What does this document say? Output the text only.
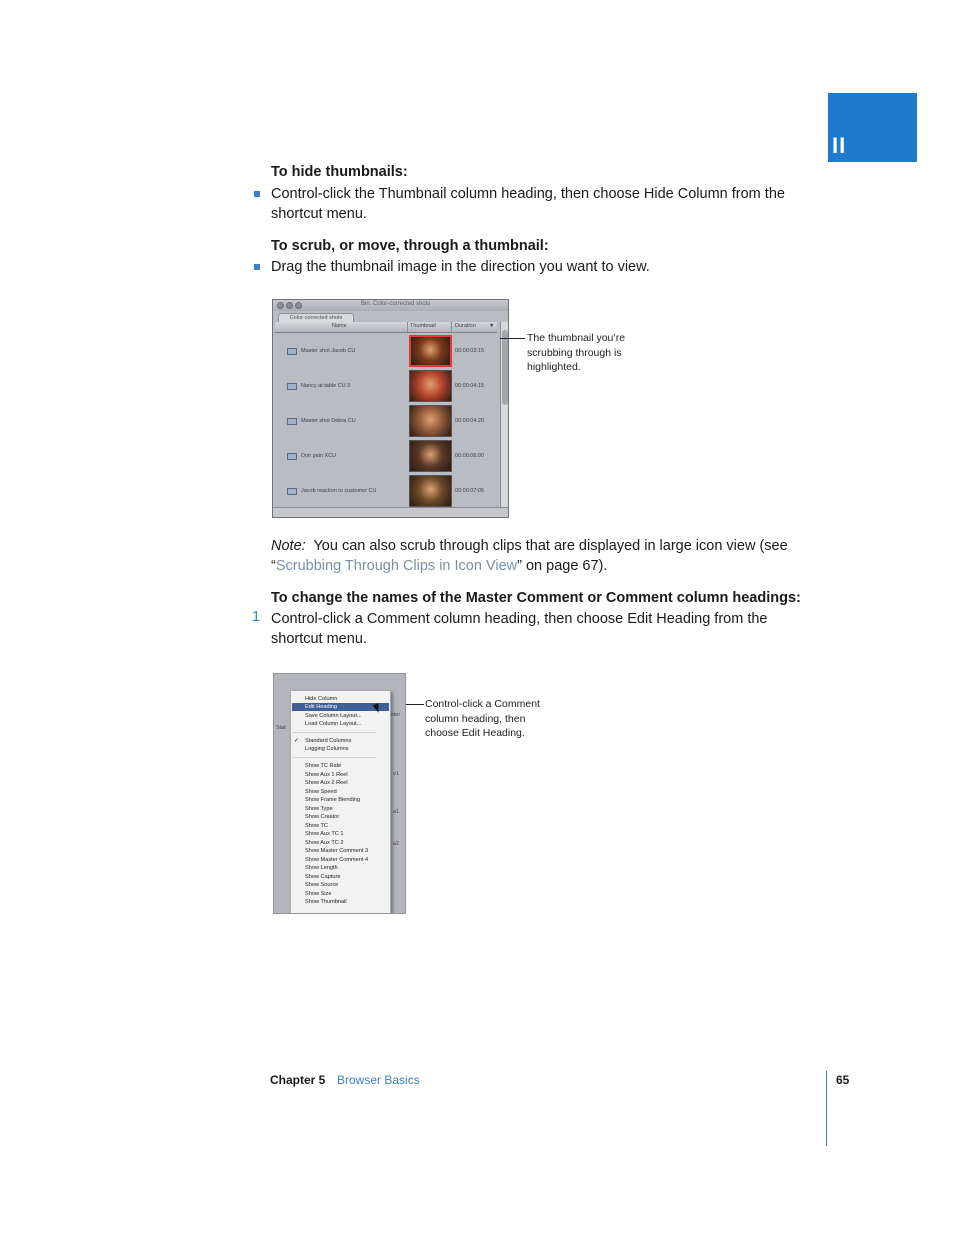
II
To hide thumbnails:
Control-click the Thumbnail column heading, then choose Hide Column from the
shortcut menu.
To scrub, or move, through a thumbnail:
Drag the thumbnail image in the direction you want to view.
Bin: Color-corrected shots
Color-corrected shots
Name	Thumbnail	Duration ▼
Master shot Jacob CU	00:00:03:15
Nancy at table CU 3	00:00:04:15
Master shot Debra CU	00:00:04:20
Don pain XCU	00:00:06:00
Jacob reaction to customer CU	00:00:07:05
The thumbnail you’re
scrubbing through is
highlighted.
Note: You can also scrub through clips that are displayed in large icon view (see
“Scrubbing Through Clips in Icon View” on page 67).
To change the names of the Master Comment or Comment column headings:
1 Control-click a Comment column heading, then choose Edit Heading from the
shortcut menu.
Stat
ster
v1
a1
a2
Hide Column
Edit Heading
Save Column Layout...
Load Column Layout...
✓ Standard Columns
Logging Columns
Show TC Rate
Show Aux 1 Reel
Show Aux 2 Reel
Show Speed
Show Frame Blending
Show Type
Show Creator
Show TC
Show Aux TC 1
Show Aux TC 2
Show Master Comment 3
Show Master Comment 4
Show Length
Show Capture
Show Source
Show Size
Show Thumbnail
Control-click a Comment
column heading, then
choose Edit Heading.
Chapter 5 Browser Basics	65
